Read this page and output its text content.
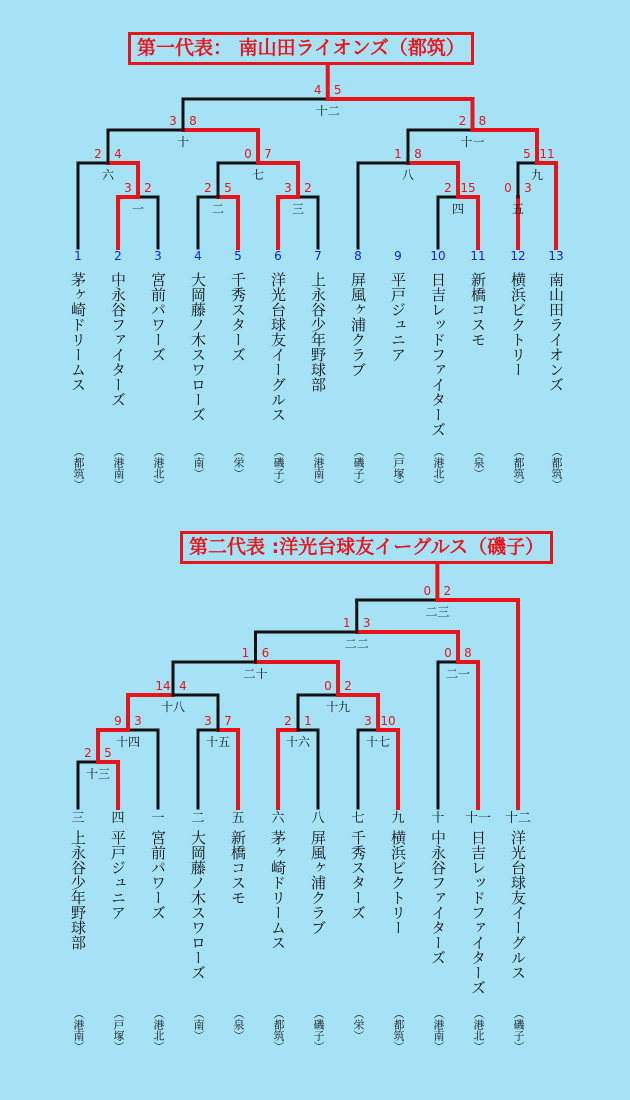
第一代表： 南山田ライオンズ（都筑）
第二代表 :洋光台球友イーグルス（磯子）
1	2	3	4	5	6	7	8	9 10 11 12 13
3 2
一
2 5
二
3 2
三
2 15
四
0 3
五
2 4
六
0 7
七
1 8
八
5 11
九
3 8
十
2 8
十一
4 5
十二
三 四 一 二 五 六 八 七 九 十 十一 十二
2 5
十三
9 3
十四
3 7
十五
2 1
十六
3 10
十七
14 4
十八
0 2
十九
1 6
二十
0 8
二一
1 3
二二
0 2
二三
茅ヶ崎ドリームス
（都筑）
中永谷ファイターズ
（港南）
宮前パワーズ
（港北）
大岡藤ノ木スワローズ
（南）
千秀スターズ
（栄）
洋光台球友イーグルス
（磯子）
上永谷少年野球部
（港南）
屏風ヶ浦クラブ
（磯子）
平戸ジュニア
（戸塚）
日吉レッドファイターズ
（港北）
新橋コスモ
（泉）
横浜ビクトリー
（都筑）
南山田ライオンズ
（都筑）
上永谷少年野球部
（港南）
平戸ジュニア
（戸塚）
宮前パワーズ
（港北）
大岡藤ノ木スワローズ
（南）
新橋コスモ
（泉）
茅ヶ崎ドリームス
（都筑）
屏風ヶ浦クラブ
（磯子）
千秀スターズ
（栄）
横浜ビクトリー
（都筑）
中永谷ファイターズ
（港南）
日吉レッドファイターズ
（港北）
洋光台球友イーグルス
（磯子）
